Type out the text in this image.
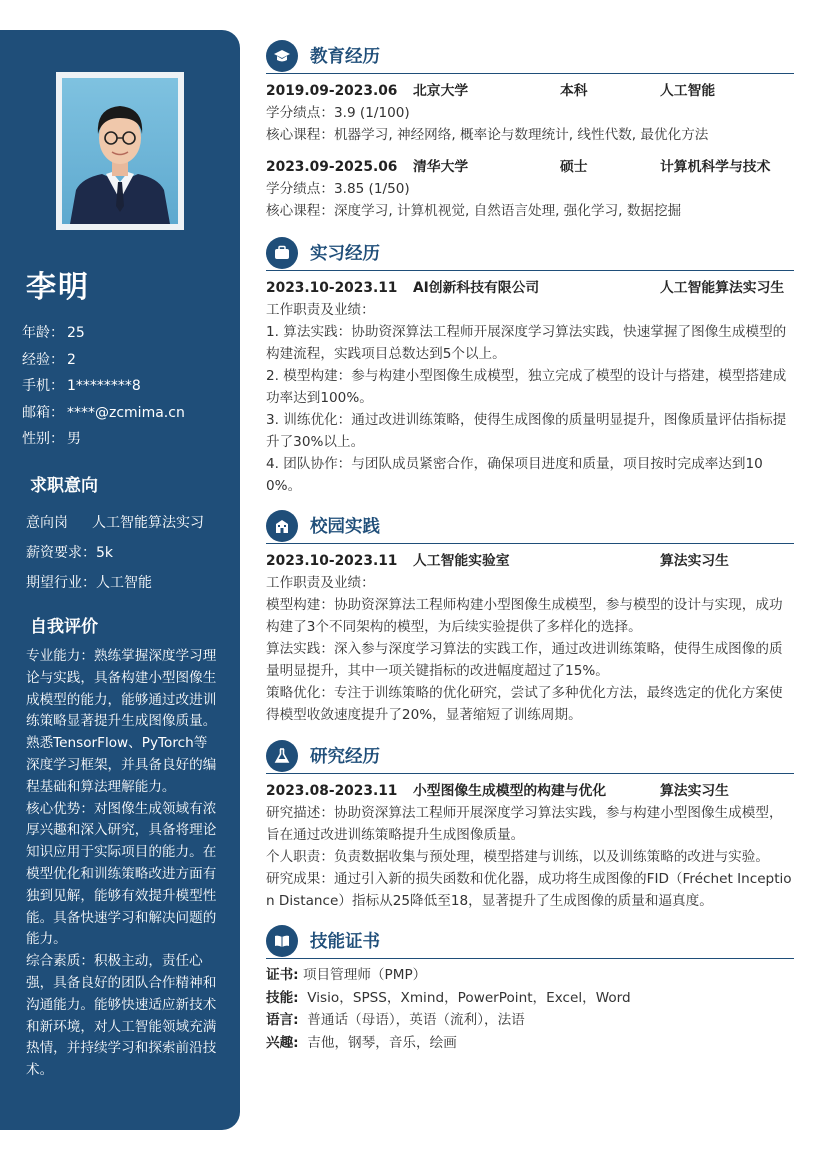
李明
年龄： 25
经验： 2
手机： 1********8
邮箱： ****@zcmima.cn
性别： 男
求职意向
意向岗 人工智能算法实习
薪资要求：5k
期望行业：人工智能
自我评价

专业能力：熟练掌握深度学习理论与实践，具备构建小型图像生成模型的能力，能够通过改进训练策略显著提升生成图像质量。熟悉TensorFlow、PyTorch等深度学习框架，并具备良好的编程基础和算法理解能力。

核心优势：对图像生成领域有浓厚兴趣和深入研究，具备将理论知识应用于实际项目的能力。在模型优化和训练策略改进方面有独到见解，能够有效提升模型性能。具备快速学习和解决问题的能力。

综合素质：积极主动，责任心强，具备良好的团队合作精神和沟通能力。能够快速适应新技术和新环境，对人工智能领域充满热情，并持续学习和探索前沿技术。

教育经历
2019.09-2023.06	北京大学	本科	人工智能
学分绩点：3.9 (1/100)
核心课程：机器学习, 神经网络, 概率论与数理统计, 线性代数, 最优化方法
2023.09-2025.06	清华大学	硕士	计算机科学与技术
学分绩点：3.85 (1/50)
核心课程：深度学习, 计算机视觉, 自然语言处理, 强化学习, 数据挖掘
实习经历
2023.10-2023.11	AI创新科技有限公司	人工智能算法实习生
工作职责及业绩：
1. 算法实践：协助资深算法工程师开展深度学习算法实践，快速掌握了图像生成模型的构建流程，实践项目总数达到5个以上。
2. 模型构建：参与构建小型图像生成模型，独立完成了模型的设计与搭建，模型搭建成功率达到100%。
3. 训练优化：通过改进训练策略，使得生成图像的质量明显提升，图像质量评估指标提升了30%以上。
4. 团队协作：与团队成员紧密合作，确保项目进度和质量，项目按时完成率达到100%。
校园实践
2023.10-2023.11	人工智能实验室	算法实习生
工作职责及业绩：
模型构建：协助资深算法工程师构建小型图像生成模型，参与模型的设计与实现，成功构建了3个不同架构的模型，为后续实验提供了多样化的选择。
算法实践：深入参与深度学习算法的实践工作，通过改进训练策略，使得生成图像的质量明显提升，其中一项关键指标的改进幅度超过了15%。
策略优化：专注于训练策略的优化研究，尝试了多种优化方法，最终选定的优化方案使得模型收敛速度提升了20%，显著缩短了训练周期。
研究经历
2023.08-2023.11	小型图像生成模型的构建与优化	算法实习生
研究描述：协助资深算法工程师开展深度学习算法实践，参与构建小型图像生成模型，旨在通过改进训练策略提升生成图像质量。
个人职责：负责数据收集与预处理，模型搭建与训练，以及训练策略的改进与实验。
研究成果：通过引入新的损失函数和优化器，成功将生成图像的FID（Fréchet Inception Distance）指标从25降低至18，显著提升了生成图像的质量和逼真度。
技能证书
证书: 项目管理师（PMP）
技能: Visio，SPSS，Xmind，PowerPoint，Excel，Word
语言: 普通话（母语），英语（流利），法语
兴趣: 吉他，钢琴，音乐，绘画
